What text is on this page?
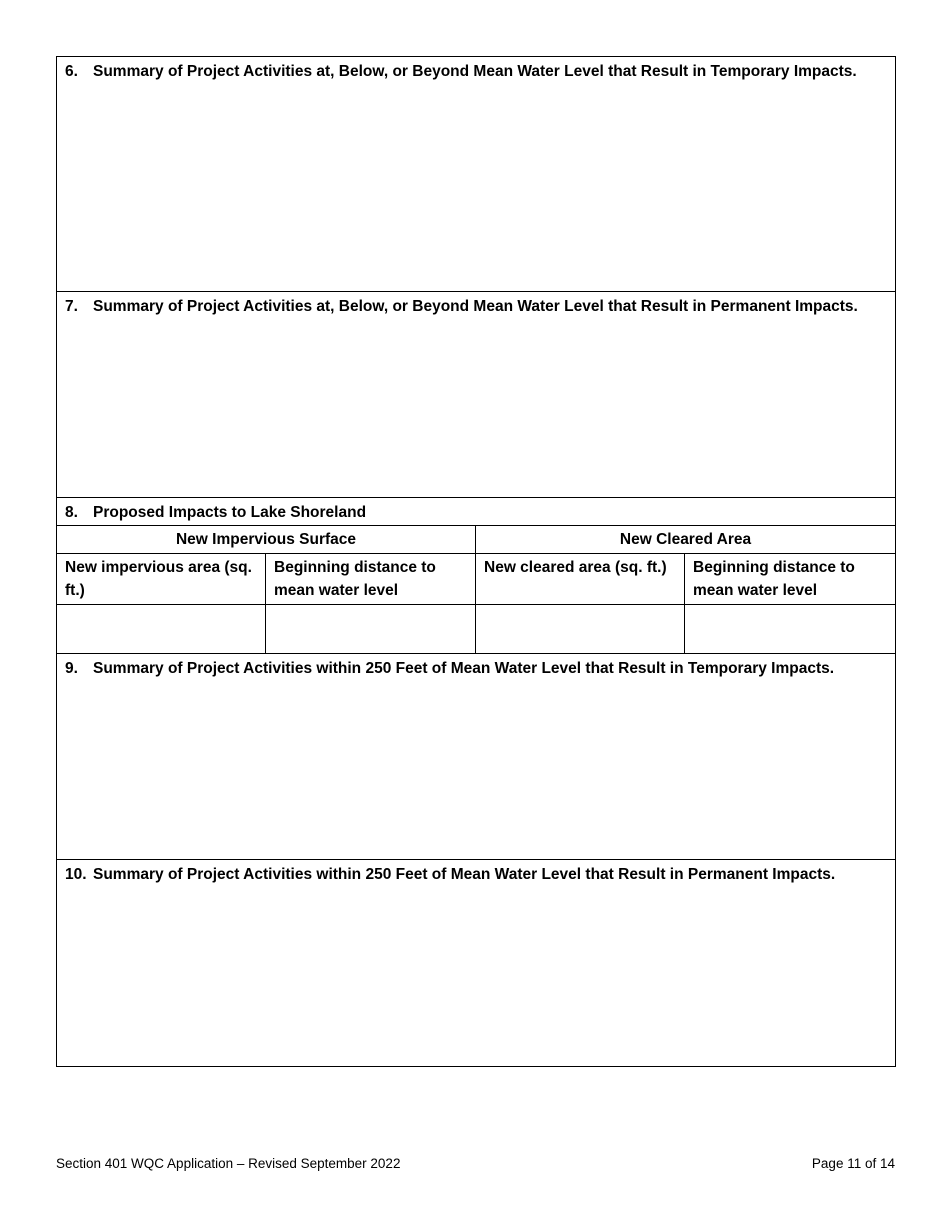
6. Summary of Project Activities at, Below, or Beyond Mean Water Level that Result in Temporary Impacts.			

7. Summary of Project Activities at, Below, or Beyond Mean Water Level that Result in Permanent Impacts.			

8. Proposed Impacts to Lake Shoreland			

New Impervious Surface		New Cleared Area	
New impervious area (sq. ft.)	Beginning distance to mean water level	New cleared area (sq. ft.)	Beginning distance to mean water level

9. Summary of Project Activities within 250 Feet of Mean Water Level that Result in Temporary Impacts.			

10. Summary of Project Activities within 250 Feet of Mean Water Level that Result in Permanent Impacts.			
Section 401 WQC Application – Revised September 2022	Page 11 of 14
